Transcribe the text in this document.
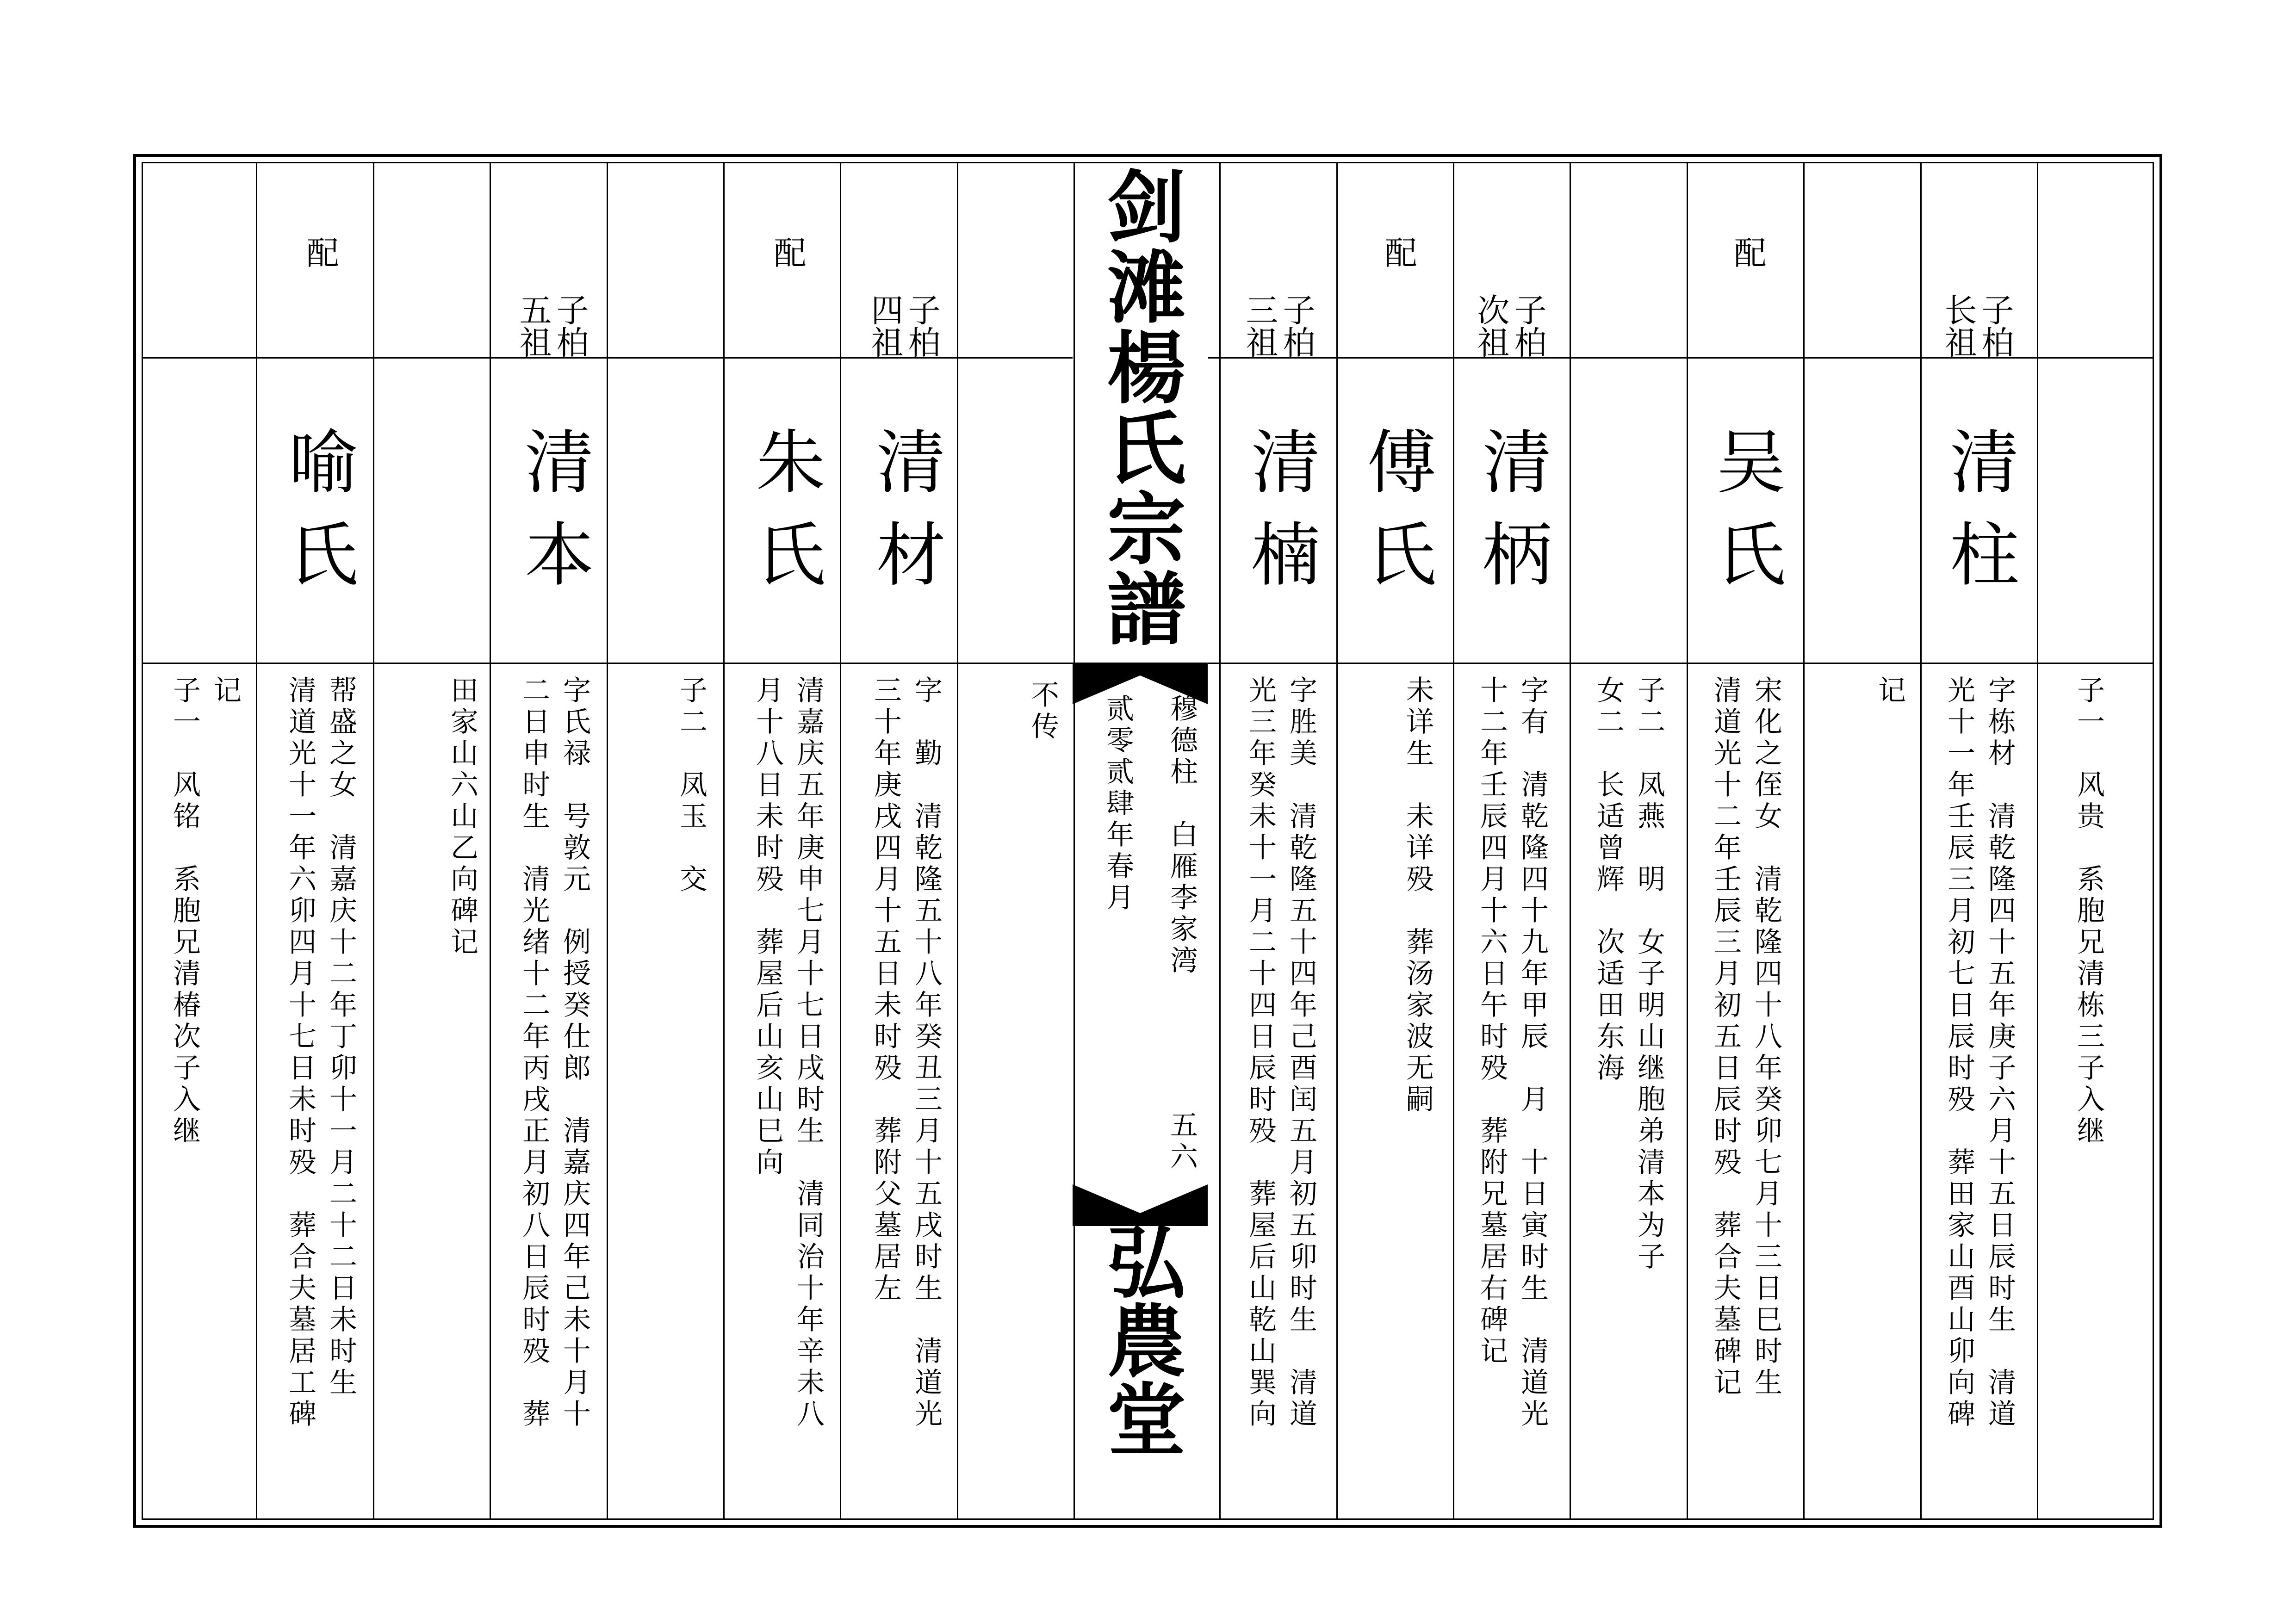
剑滩楊氏宗譜
穆德柱　白雁李家湾
贰零贰肆年春月
五六
弘農堂
不传	子一　风贵　系胞兄清栋三子入继

长祖

子柏

清柱
字栋材　清乾隆四十五年庚子六月十五日辰时生　清道
光十一年壬辰三月初七日辰时殁　葬田家山酉山卯向碑
记
配
吴氏
宋化之侄女　清乾隆四十八年癸卯七月十三日巳时生
清道光十二年壬辰三月初五日辰时殁　葬合夫墓碑记
子二　凤燕　明　女子明山继胞弟清本为子
女二　长适曾辉　次适田东海

次祖

子柏

清柄
字有　清乾隆四十九年甲辰　月　十日寅时生　清道光
十二年壬辰四月十六日午时殁　葬附兄墓居右碑记
配
傅氏
未详生　未详殁　葬汤家波无嗣

三祖

子柏

清楠
字胜美　清乾隆五十四年己酉闰五月初五卯时生　清道
光三年癸未十一月二十四日辰时殁　葬屋后山乾山巽向

四祖

子柏

清材
字　勤　清乾隆五十八年癸丑三月十五戌时生　清道光
三十年庚戌四月十五日未时殁　葬附父墓居左
配
朱氏
清嘉庆五年庚申七月十七日戌时生　清同治十年辛未八
月十八日未时殁　葬屋后山亥山巳向
子二　凤玉　交

五祖

子柏

清本
字氏禄　号敦元　例授癸仕郎　清嘉庆四年己未十月十
二日申时生　清光绪十二年丙戌正月初八日辰时殁　葬
田家山六山乙向碑记
配
喻氏
帮盛之女　清嘉庆十二年丁卯十一月二十二日未时生
清道光十一年六卯四月十七日未时殁　葬合夫墓居工碑
记
子一　风铭　系胞兄清椿次子入继
